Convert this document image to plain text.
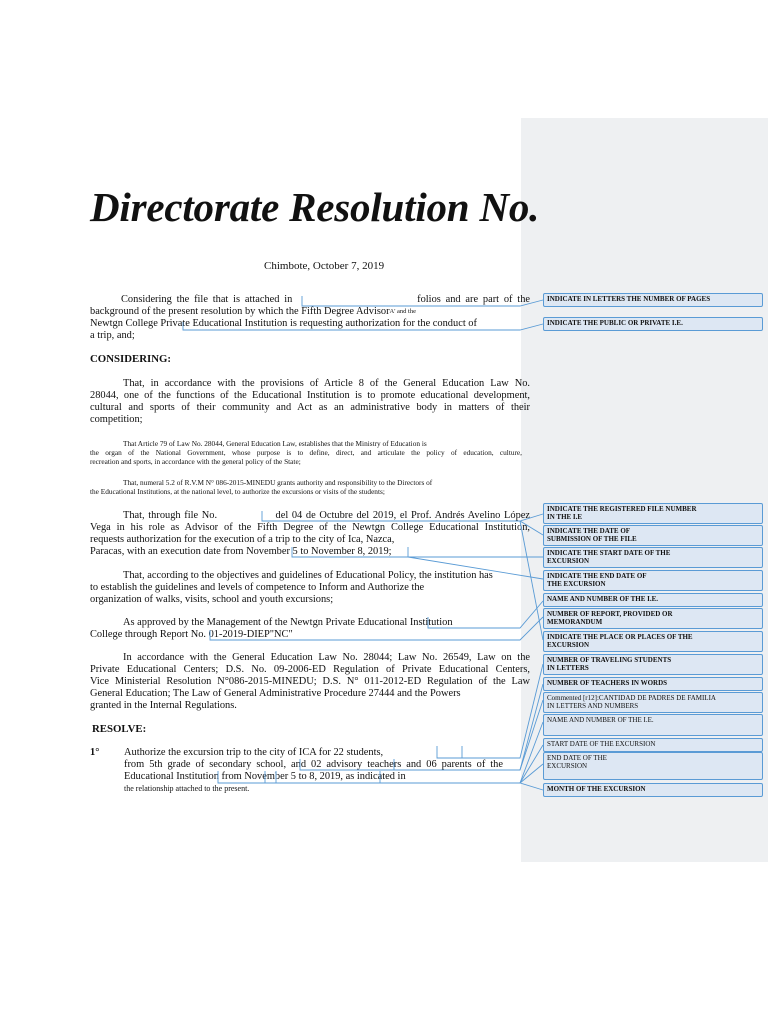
Directorate Resolution No.
Chimbote, October 7, 2019
Considering the file that is attached in                          folios and are part of the
background of the present resolution by which the Fifth Degree AdvisorA' and the
Newtgn College Private Educational Institution is requesting authorization for the conduct of
a trip, and;
CONSIDERING:
That, in accordance with the provisions of Article 8 of the General Education Law No.
28044, one of the functions of the Educational Institution is to promote educational development,
cultural and sports of their community and Act as an administrative body in matters of their
competition;
That Article 79 of Law No. 28044, General Education Law, establishes that the Ministry of Education is
the organ of the National Government, whose purpose is to define, direct, and articulate the policy of education, culture,
recreation and sports, in accordance with the general policy of the State;
That, numeral 5.2 of R.V.M N° 086-2015-MINEDU grants authority and responsibility to the Directors of
the Educational Institutions, at the national level, to authorize the excursions or visits of the students;
That, through file No.                del 04 de Octubre del 2019, el Prof. Andrés Avelino López
Vega in his role as Advisor of the Fifth Degree of the Newtgn College Educational Institution,
requests authorization for the execution of a trip to the city of Ica, Nazca,
Paracas, with an execution date from November 5 to November 8, 2019;
That, according to the objectives and guidelines of Educational Policy, the institution has
to establish the guidelines and levels of competence to Inform and Authorize the
organization of walks, visits, school and youth excursions;
As approved by the Management of the Newtgn Private Educational Institution
College through Report No. 01-2019-DIEP"NC"
In accordance with the General Education Law No. 28044; Law No. 26549, Law on the
Private Educational Centers; D.S. No. 09-2006-ED Regulation of Private Educational Centers,
Vice Ministerial Resolution N°086-2015-MINEDU; D.S. N° 011-2012-ED Regulation of the Law
General Education; The Law of General Administrative Procedure 27444 and the Powers
granted in the Internal Regulations.
RESOLVE:
1° Authorize the excursion trip to the city of ICA for 22 students,
from 5th grade of secondary school, and 02 advisory teachers and 06 parents of the
Educational Institution from November 5 to 8, 2019, as indicated in
the relationship attached to the present.
INDICATE IN LETTERS THE NUMBER OF PAGES
INDICATE THE PUBLIC OR PRIVATE I.E.
INDICATE THE REGISTERED FILE NUMBER
IN THE I.E
INDICATE THE DATE OF
SUBMISSION OF THE FILE
INDICATE THE START DATE OF THE
EXCURSION
INDICATE THE END DATE OF
THE EXCURSION
NAME AND NUMBER OF THE I.E.
NUMBER OF REPORT, PROVIDED OR
MEMORANDUM
INDICATE THE PLACE OR PLACES OF THE
EXCURSION
NUMBER OF TRAVELING STUDENTS
IN LETTERS
NUMBER OF TEACHERS IN WORDS
Commented [r12]:CANTIDAD DE PADRES DE FAMILIA
IN LETTERS AND NUMBERS
NAME AND NUMBER OF THE I.E.
START DATE OF THE EXCURSION
END DATE OF THE
EXCURSION
MONTH OF THE EXCURSION
